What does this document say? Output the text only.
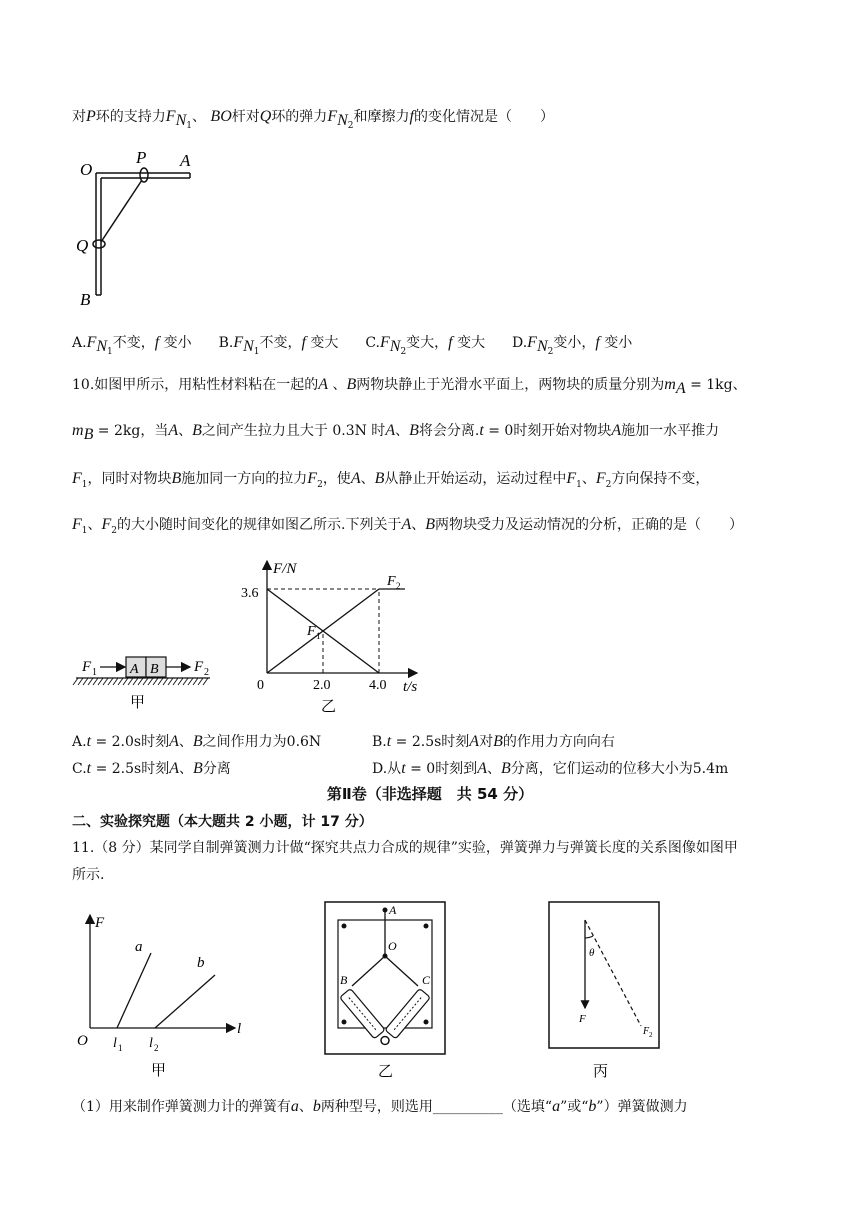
对P环的支持力$F_{N_1}$、 BO杆对Q环的弹力$F_{N_2}$和摩擦力f的变化情况是（　　）
O
P A
Q
B
$A.F_{N_1}$不变，f 变小 $B.F_{N_1}$不变，f 变大 $C.F_{N_2}$变大，f 变大 $D.F_{N_2}$变小，f 变小
10.如图甲所示，用粘性材料粘在一起的A 、B两物块静止于光滑水平面上，两物块的质量分别为$m_A = 1kg$、
$m_B = 2kg$，当A、B之间产生拉力且大于 0.3N 时A、B将会分离.t = 0时刻开始对物块A施加一水平推力
$F_1$，同时对物块B施加同一方向的拉力$F_2$，使A、B从静止开始运动，运动过程中$F_1$、$F_2$方向保持不变，
$F_1$、$F_2$的大小随时间变化的规律如图乙所示.下列关于A、B两物块受力及运动情况的分析，正确的是（　　）
F 1 A B F 2
甲
F/N
t/s
3.6
0	2.0	4.0
F 1
F 2
乙
A.t = 2.0s时刻A、B之间作用力为0.6N	B.t = 2.5s时刻A对B的作用力方向向右
C.t = 2.5s时刻A、B分离	D.从t = 0时刻到A、B分离，它们运动的位移大小为5.4m
第Ⅱ卷（非选择题　共 54 分）
二、实验探究题（本大题共 2 小题，计 17 分）
11.（8 分）某同学自制弹簧测力计做“探究共点力合成的规律”实验，弹簧弹力与弹簧长度的关系图像如图甲
所示.
F
O
a
b
l
l 1 l 2
甲
A
O
B	C
乙
θ
F
F 2
丙
（1）用来制作弹簧测力计的弹簧有a、b两种型号，则选用__________（选填“a”或“b”）弹簧做测力
